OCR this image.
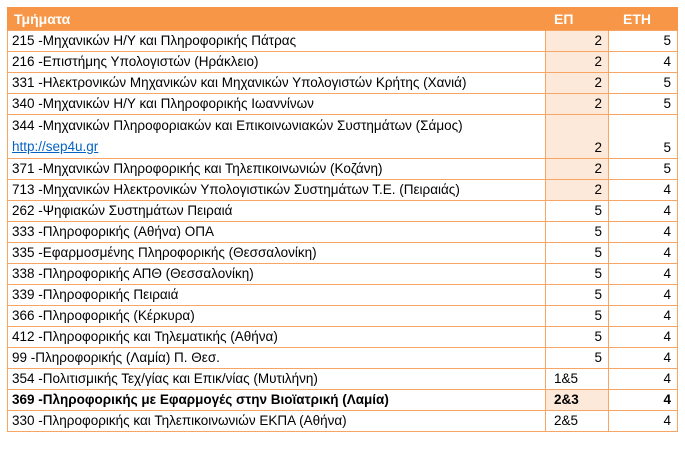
Τμήματα	ΕΠ	ΕΤΗ
215 -Μηχανικών Η/Υ και Πληροφορικής Πάτρας	2	5
216 -Επιστήμης Υπολογιστών (Ηράκλειο)	2	4
331 -Ηλεκτρονικών Μηχανικών και Μηχανικών Υπολογιστών Κρήτης (Χανιά)	2	5
340 -Μηχανικών Η/Υ και Πληροφορικής Ιωαννίνων	2	5
344 -Μηχανικών Πληροφοριακών και Επικοινωνιακών Συστημάτων (Σάμος)
http://sep4u.gr	2	5
371 -Μηχανικών Πληροφορικής και Τηλεπικοινωνιών (Κοζάνη)	2	5
713 -Μηχανικών Ηλεκτρονικών Υπολογιστικών Συστημάτων Τ.Ε. (Πειραιάς)	2	4
262 -Ψηφιακών Συστημάτων Πειραιά	5	4
333 -Πληροφορικής (Αθήνα) ΟΠΑ	5	4
335 -Εφαρμοσμένης Πληροφορικής (Θεσσαλονίκη)	5	4
338 -Πληροφορικής ΑΠΘ (Θεσσαλονίκη)	5	4
339 -Πληροφορικής Πειραιά	5	4
366 -Πληροφορικής (Κέρκυρα)	5	4
412 -Πληροφορικής και Τηλεματικής (Αθήνα)	5	4
99 -Πληροφορικής (Λαμία) Π. Θεσ.	5	4
354 -Πολιτισμικής Τεχ/γίας και Επικ/νίας (Μυτιλήνη)	1&5	4
369 -Πληροφορικής με Εφαρμογές στην Βιοϊατρική (Λαμία)	2&3	4
330 -Πληροφορικής και Τηλεπικοινωνιών ΕΚΠΑ (Αθήνα)	2&5	4
